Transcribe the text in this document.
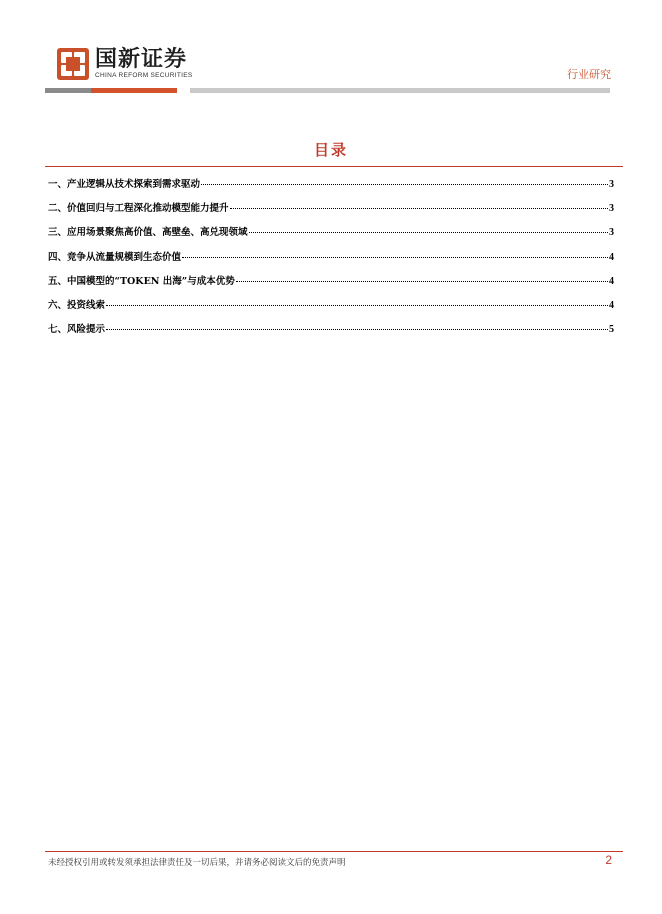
国新证券
CHINA REFORM SECURITIES	行业研究
目录
一、产业逻辑从技术探索到需求驱动	3
二、价值回归与工程深化推动模型能力提升	3
三、应用场景聚焦高价值、高壁垒、高兑现领域	3
四、竞争从流量规模到生态价值	4
五、中国模型的“TOKEN 出海”与成本优势	4
六、投资线索	4
七、风险提示	5
未经授权引用或转发须承担法律责任及一切后果，并请务必阅读文后的免责声明	2
